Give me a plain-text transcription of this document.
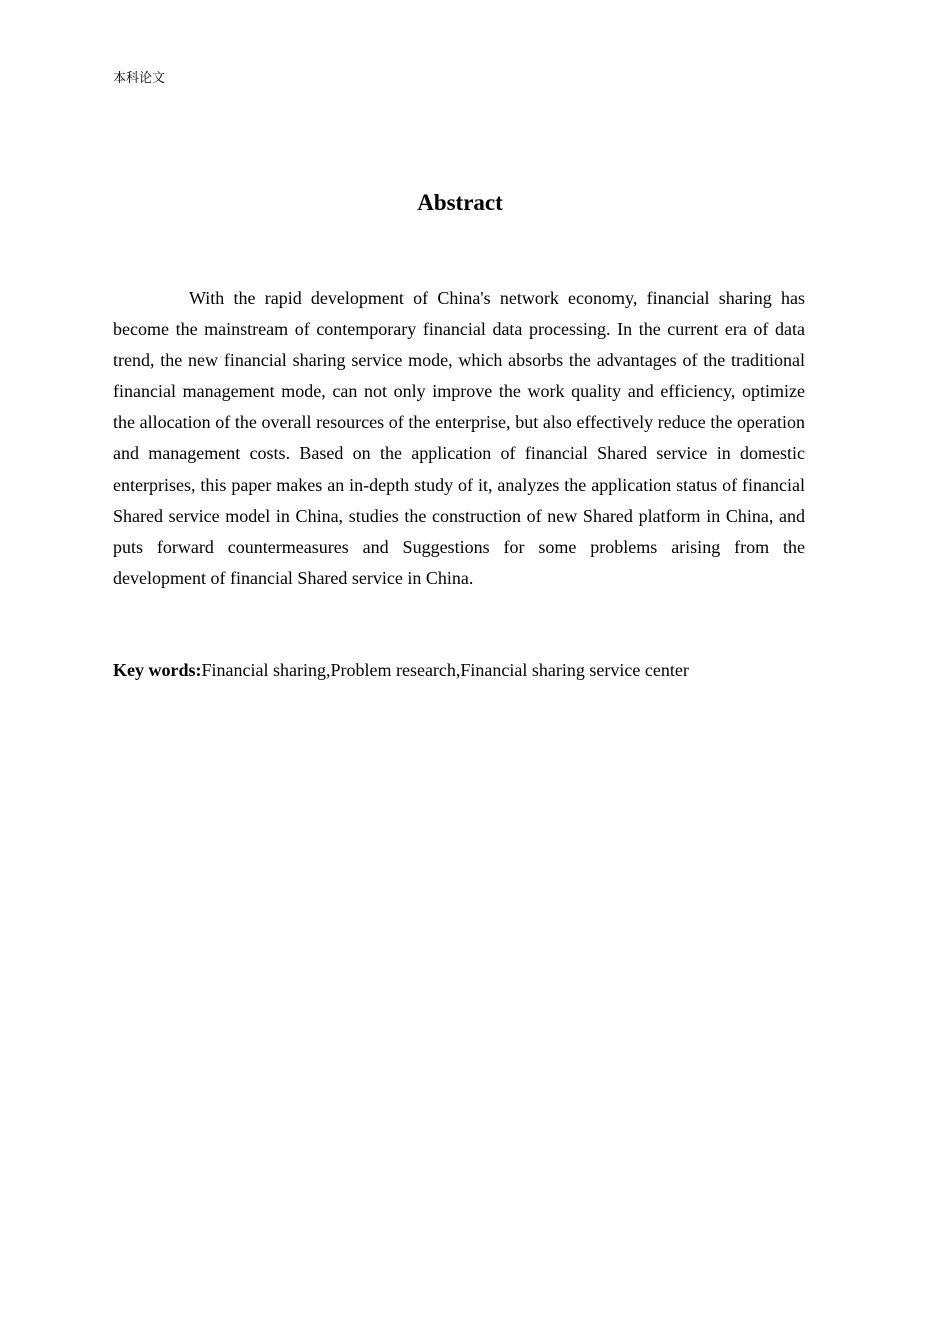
本科论文
Abstract

With the rapid development of China's network economy, financial sharing has become the mainstream of contemporary financial data processing. In the current era of data trend, the new financial sharing service mode, which absorbs the advantages of the traditional financial management mode, can not only improve the work quality and efficiency, optimize the allocation of the overall resources of the enterprise, but also effectively reduce the operation and management costs. Based on the application of financial Shared service in domestic enterprises, this paper makes an in-depth study of it, analyzes the application status of financial Shared service model in China, studies the construction of new Shared platform in China, and puts forward countermeasures and Suggestions for some problems arising from the development of financial Shared service in China.

Key words:Financial sharing,Problem research,Financial sharing service center
